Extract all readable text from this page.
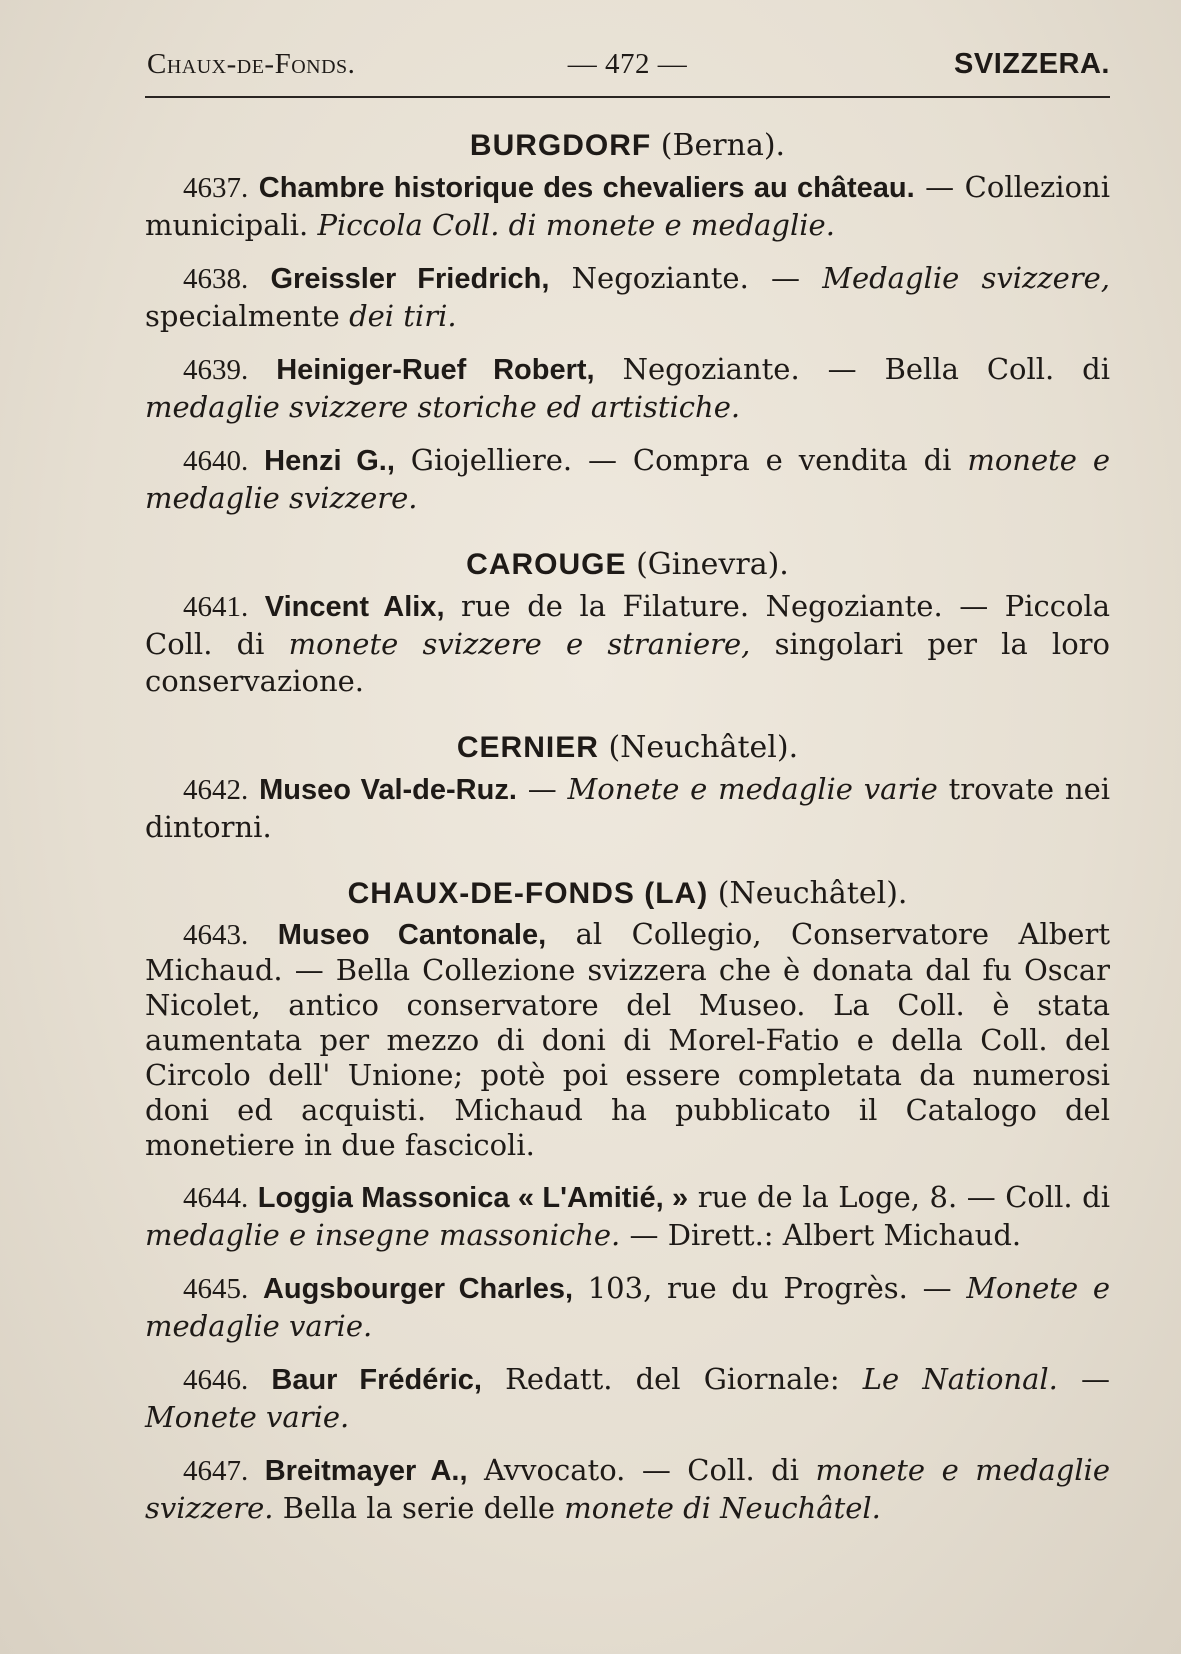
Chaux-de-Fonds.	— 472 —	SVIZZERA.
BURGDORF (Berna).
4637. Chambre historique des chevaliers au château. — Collezioni municipali. Piccola Coll. di monete e medaglie.
4638. Greissler Friedrich, Negoziante. — Medaglie svizzere, specialmente dei tiri.
4639. Heiniger-Ruef Robert, Negoziante. — Bella Coll. di medaglie svizzere storiche ed artistiche.
4640. Henzi G., Giojelliere. — Compra e vendita di monete e medaglie svizzere.
CAROUGE (Ginevra).
4641. Vincent Alix, rue de la Filature. Negoziante. — Piccola Coll. di monete svizzere e straniere, singolari per la loro conservazione.
CERNIER (Neuchâtel).
4642. Museo Val-de-Ruz. — Monete e medaglie varie trovate nei dintorni.
CHAUX-DE-FONDS (LA) (Neuchâtel).
4643. Museo Cantonale, al Collegio, Conservatore Albert Michaud. — Bella Collezione svizzera che è donata dal fu Oscar Nicolet, antico conservatore del Museo. La Coll. è stata aumentata per mezzo di doni di Morel-Fatio e della Coll. del Circolo dell' Unione; potè poi essere completata da numerosi doni ed acquisti. Michaud ha pubblicato il Catalogo del monetiere in due fascicoli.
4644. Loggia Massonica « L'Amitié, » rue de la Loge, 8. — Coll. di medaglie e insegne massoniche. — Dirett.: Albert Michaud.
4645. Augsbourger Charles, 103, rue du Progrès. — Monete e medaglie varie.
4646. Baur Frédéric, Redatt. del Giornale: Le National. — Monete varie.
4647. Breitmayer A., Avvocato. — Coll. di monete e medaglie svizzere. Bella la serie delle monete di Neuchâtel.
